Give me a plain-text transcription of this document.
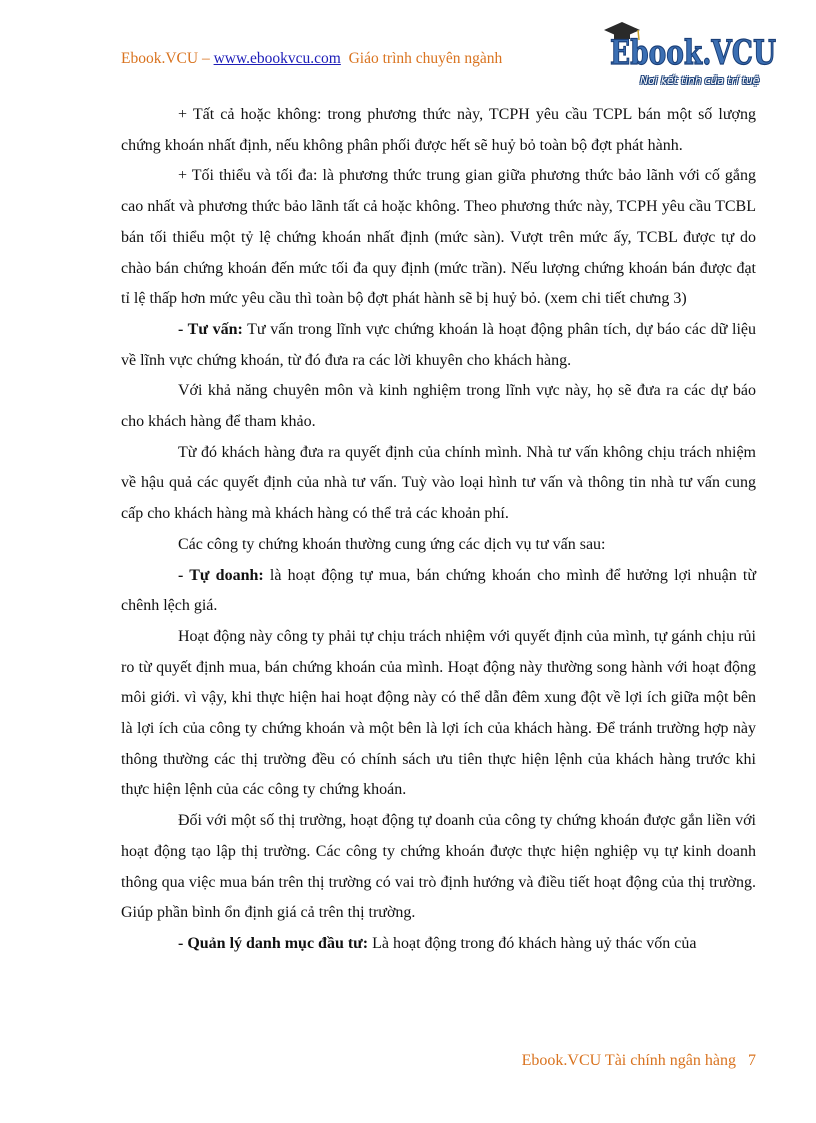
Ebook.VCU – www.ebookvcu.com Giáo trình chuyên ngành	Ebook.VCU
Nơi kết tinh của trí tuệ

+ Tất cả hoặc không: trong phương thức này, TCPH yêu cầu TCPL bán một số lượng chứng khoán nhất định, nếu không phân phối được hết sẽ huỷ bỏ toàn bộ đợt phát hành.

+ Tối thiểu và tối đa: là phương thức trung gian giữa phương thức bảo lãnh với cố gắng cao nhất và phương thức bảo lãnh tất cả hoặc không. Theo phương thức này, TCPH yêu cầu TCBL bán tối thiểu một tỷ lệ chứng khoán nhất định (mức sàn). Vượt trên mức ấy, TCBL được tự do chào bán chứng khoán đến mức tối đa quy định (mức trần). Nếu lượng chứng khoán bán được đạt tỉ lệ thấp hơn mức yêu cầu thì toàn bộ đợt phát hành sẽ bị huỷ bỏ. (xem chi tiết chưng 3)

- Tư vấn: Tư vấn trong lĩnh vực chứng khoán là hoạt động phân tích, dự báo các dữ liệu về lĩnh vực chứng khoán, từ đó đưa ra các lời khuyên cho khách hàng.

Với khả năng chuyên môn và kinh nghiệm trong lĩnh vực này, họ sẽ đưa ra các dự báo cho khách hàng để tham khảo.

Từ đó khách hàng đưa ra quyết định của chính mình. Nhà tư vấn không chịu trách nhiệm về hậu quả các quyết định của nhà tư vấn. Tuỳ vào loại hình tư vấn và thông tin nhà tư vấn cung cấp cho khách hàng mà khách hàng có thể trả các khoản phí.

Các công ty chứng khoán thường cung ứng các dịch vụ tư vấn sau:

- Tự doanh: là hoạt động tự mua, bán chứng khoán cho mình để hưởng lợi nhuận từ chênh lệch giá.

Hoạt động này công ty phải tự chịu trách nhiệm với quyết định của mình, tự gánh chịu rủi ro từ quyết định mua, bán chứng khoán của mình. Hoạt động này thường song hành với hoạt động môi giới. vì vậy, khi thực hiện hai hoạt động này có thể dẫn đêm xung đột về lợi ích giữa một bên là lợi ích của công ty chứng khoán và một bên là lợi ích của khách hàng. Để tránh trường hợp này thông thường các thị trường đều có chính sách ưu tiên thực hiện lệnh của khách hàng trước khi thực hiện lệnh của các công ty chứng khoán.

Đối với một số thị trường, hoạt động tự doanh của công ty chứng khoán được gắn liền với hoạt động tạo lập thị trường. Các công ty chứng khoán được thực hiện nghiệp vụ tự kinh doanh thông qua việc mua bán trên thị trường có vai trò định hướng và điều tiết hoạt động của thị trường. Giúp phần bình ổn định giá cả trên thị trường.

- Quản lý danh mục đầu tư: Là hoạt động trong đó khách hàng uỷ thác vốn của

Ebook.VCU Tài chính ngân hàng 7
